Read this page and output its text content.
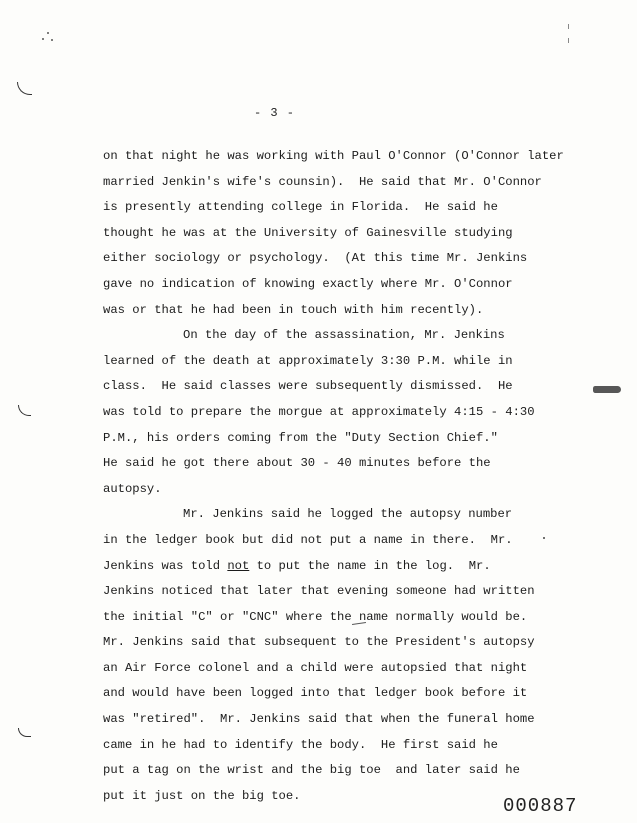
- 3 -
on that night he was working with Paul O'Connor (O'Connor later
married Jenkin's wife's counsin).  He said that Mr. O'Connor
is presently attending college in Florida.  He said he
thought he was at the University of Gainesville studying
either sociology or psychology.  (At this time Mr. Jenkins
gave no indication of knowing exactly where Mr. O'Connor
was or that he had been in touch with him recently).
On the day of the assassination, Mr. Jenkins
learned of the death at approximately 3:30 P.M. while in
class.  He said classes were subsequently dismissed.  He
was told to prepare the morgue at approximately 4:15 - 4:30
P.M., his orders coming from the "Duty Section Chief."
He said he got there about 30 - 40 minutes before the
autopsy.
Mr. Jenkins said he logged the autopsy number
in the ledger book but did not put a name in there.  Mr.
Jenkins was told not to put the name in the log.  Mr.
Jenkins noticed that later that evening someone had written
the initial "C" or "CNC" where the name normally would be.
Mr. Jenkins said that subsequent to the President's autopsy
an Air Force colonel and a child were autopsied that night
and would have been logged into that ledger book before it
was "retired".  Mr. Jenkins said that when the funeral home
came in he had to identify the body.  He first said he
put a tag on the wrist and the big toe  and later said he
put it just on the big toe.	000887
